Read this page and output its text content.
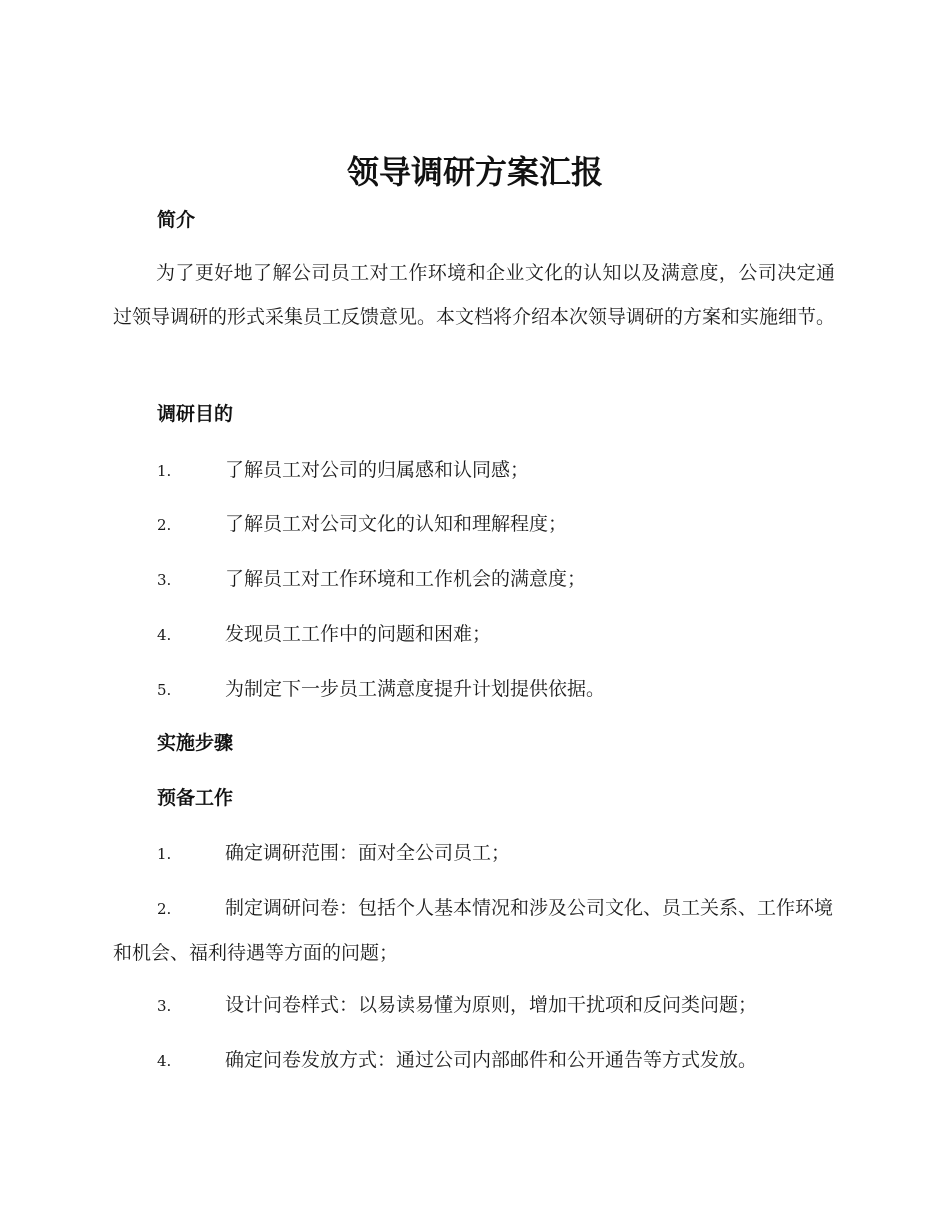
领导调研方案汇报
简介

为了更好地了解公司员工对工作环境和企业文化的认知以及满意度，公司决定通过领导调研的形式采集员工反馈意见。本文档将介绍本次领导调研的方案和实施细节。

调研目的

1.	了解员工对公司的归属感和认同感；

2.	了解员工对公司文化的认知和理解程度；

3.	了解员工对工作环境和工作机会的满意度；

4.	发现员工工作中的问题和困难；

5.	为制定下一步员工满意度提升计划提供依据。

实施步骤
预备工作

1.	确定调研范围：面对全公司员工；

2.	制定调研问卷：包括个人基本情况和涉及公司文化、员工关系、工作环境和机会、福利待遇等方面的问题；

3.	设计问卷样式：以易读易懂为原则，增加干扰项和反问类问题；

4.	确定问卷发放方式：通过公司内部邮件和公开通告等方式发放。
